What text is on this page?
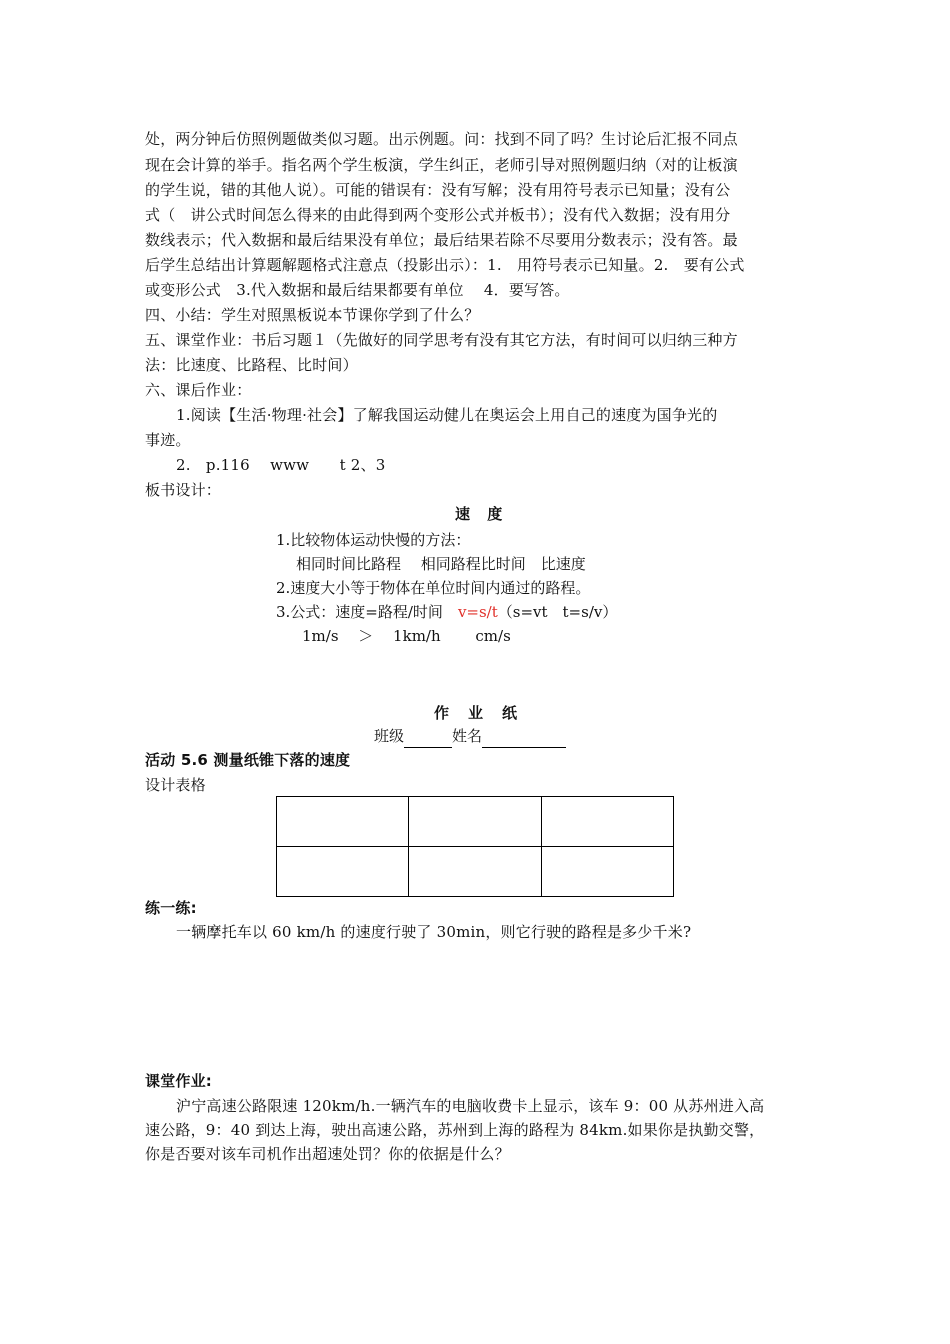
处，两分钟后仿照例题做类似习题。出示例题。问：找到不同了吗？生讨论后汇报不同点
现在会计算的举手。指名两个学生板演，学生纠正，老师引导对照例题归纳（对的让板演
的学生说，错的其他人说）。可能的错误有：没有写解；没有用符号表示已知量；没有公
式（　讲公式时间怎么得来的由此得到两个变形公式并板书）；没有代入数据；没有用分
数线表示；代入数据和最后结果没有单位；最后结果若除不尽要用分数表示；没有答。最
后学生总结出计算题解题格式注意点（投影出示）：1.　用符号表示已知量。2.　要有公式
或变形公式　3.代入数据和最后结果都要有单位　 4．要写答。
四、小结：学生对照黑板说本节课你学到了什么？
五、课堂作业：书后习题１（先做好的同学思考有没有其它方法，有时间可以归纳三种方
法：比速度、比路程、比时间）
六、课后作业：
1.阅读【生活·物理·社会】了解我国运动健儿在奥运会上用自己的速度为国争光的
事迹。
2.　p.116　 www　　t 2、3
板书设计：
速 度
1.比较物体运动快慢的方法：
相同时间比路程　 相同路程比时间　比速度
2.速度大小等于物体在单位时间内通过的路程。
3.公式：速度=路程/时间　v=s/t（s=vt　t=s/v）
1m/s　 ＞　 1km/h　　 cm/s
作　业　纸
班级	姓名
活动 5.6 测量纸锥下落的速度
设计表格

练一练:
一辆摩托车以 60 km/h 的速度行驶了 30min，则它行驶的路程是多少千米?
课堂作业:
沪宁高速公路限速 120km/h.一辆汽车的电脑收费卡上显示，该车 9：00 从苏州进入高
速公路，9：40 到达上海，驶出高速公路，苏州到上海的路程为 84km.如果你是执勤交警，
你是否要对该车司机作出超速处罚？你的依据是什么？
